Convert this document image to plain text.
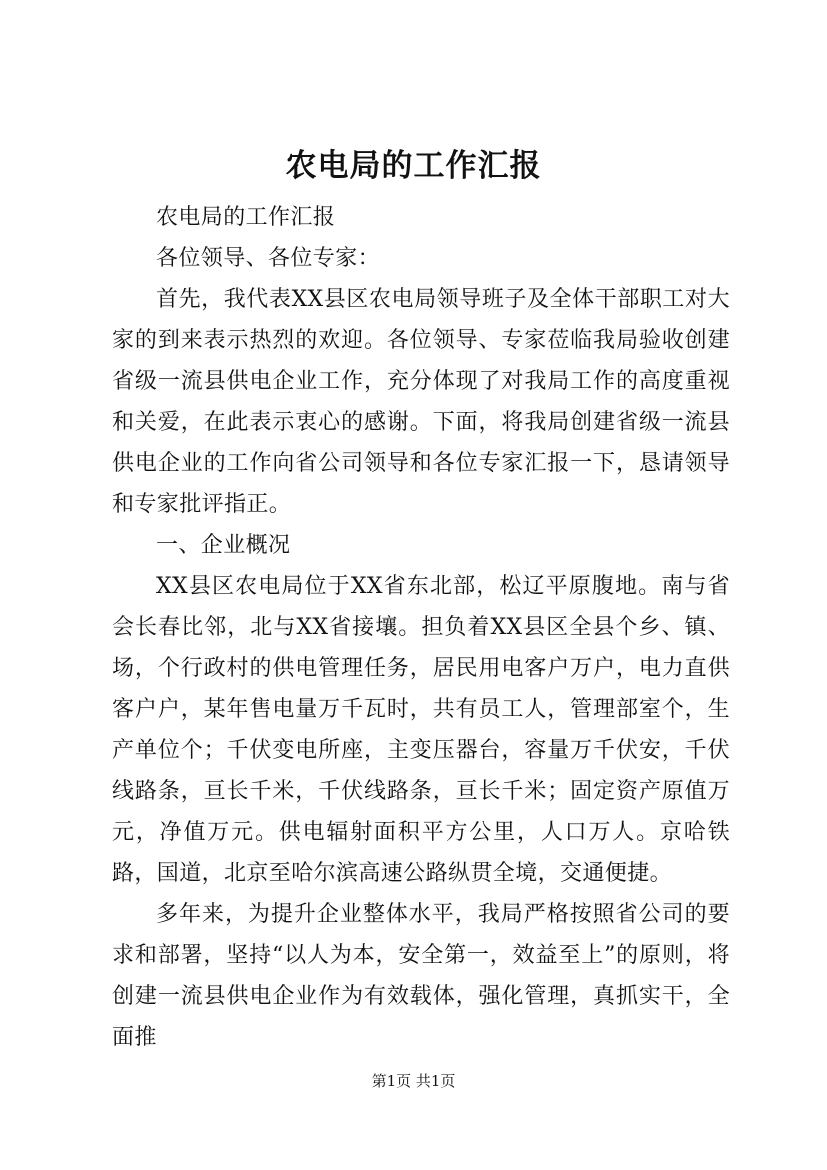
农电局的工作汇报

农电局的工作汇报

各位领导、各位专家：

首先，我代表XX县区农电局领导班子及全体干部职工对大家的到来表示热烈的欢迎。各位领导、专家莅临我局验收创建省级一流县供电企业工作，充分体现了对我局工作的高度重视和关爱，在此表示衷心的感谢。下面，将我局创建省级一流县供电企业的工作向省公司领导和各位专家汇报一下，恳请领导和专家批评指正。

一、企业概况

XX县区农电局位于XX省东北部，松辽平原腹地。南与省会长春比邻，北与XX省接壤。担负着XX县区全县个乡、镇、场，个行政村的供电管理任务，居民用电客户万户，电力直供客户户，某年售电量万千瓦时，共有员工人，管理部室个，生产单位个；千伏变电所座，主变压器台，容量万千伏安，千伏线路条，亘长千米，千伏线路条，亘长千米；固定资产原值万元，净值万元。供电辐射面积平方公里，人口万人。京哈铁路，国道，北京至哈尔滨高速公路纵贯全境，交通便捷。

多年来，为提升企业整体水平，我局严格按照省公司的要求和部署，坚持“以人为本，安全第一，效益至上”的原则，将创建一流县供电企业作为有效载体，强化管理，真抓实干，全面推

第1页 共1页
